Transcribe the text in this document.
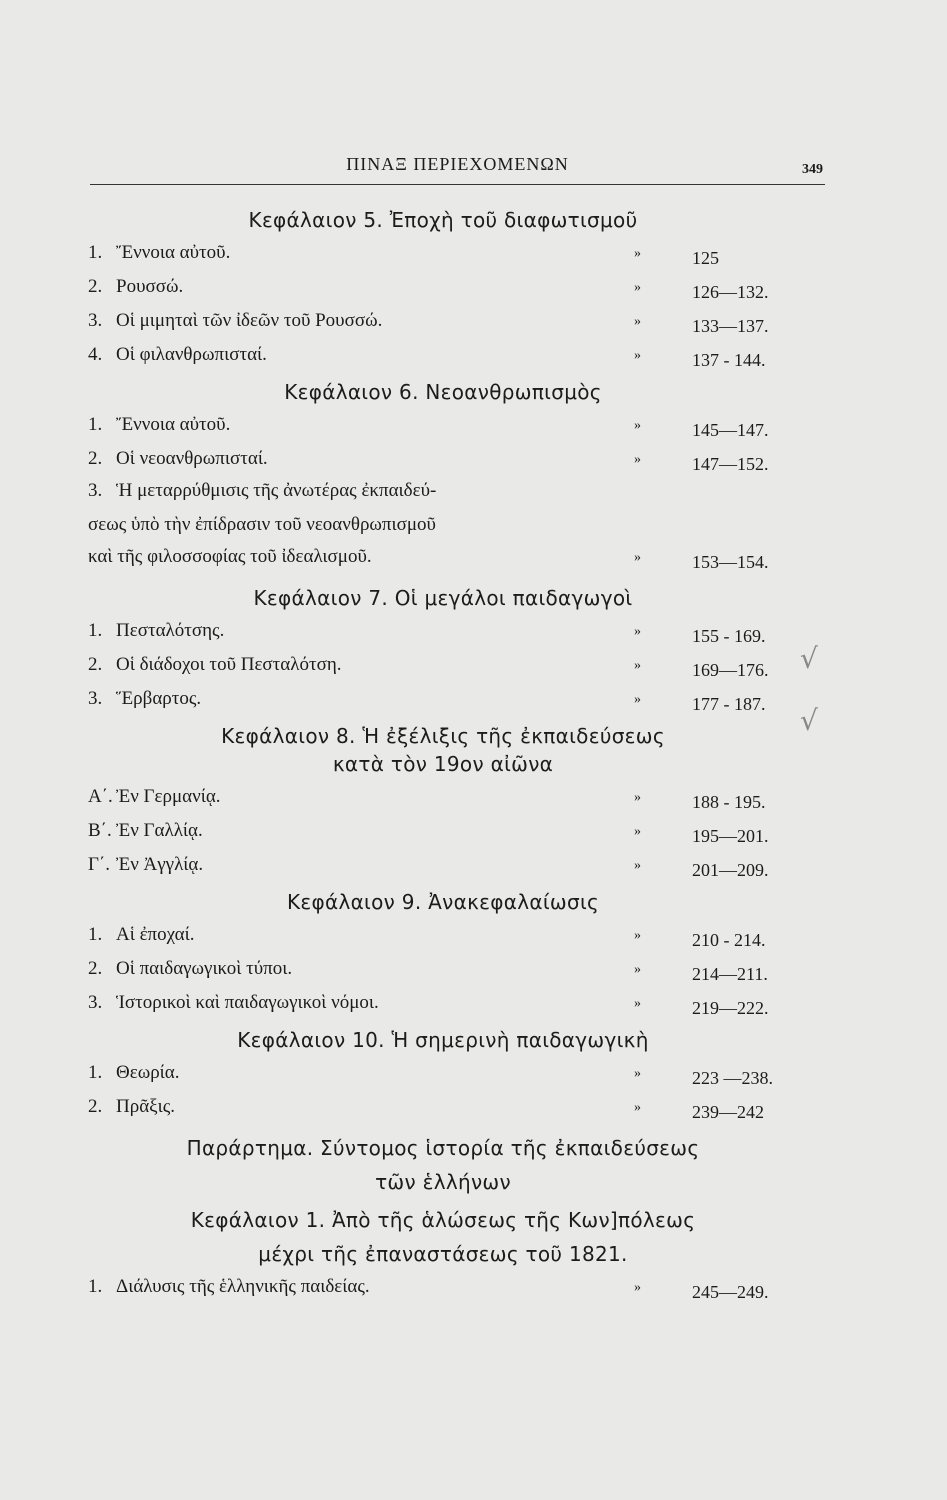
ΠΙΝΑΞ ΠΕΡΙΕΧΟΜΕΝΩΝ	349
Κεφάλαιον 5. Ἐποχὴ τοῦ διαφωτισμοῦ
1. Ἔννοια αὐτοῦ.	»	125
2. Ρουσσώ.	»	126—132.
3. Οἱ μιμηταὶ τῶν ἰδεῶν τοῦ Ρουσσώ.	»	133—137.
4. Οἱ φιλανθρωπισταί.	»	137 - 144.
Κεφάλαιον 6. Νεοανθρωπισμὸς
1. Ἔννοια αὐτοῦ.	»	145—147.
2. Οἱ νεοανθρωπισταί.	»	147—152.
3. Ἡ μεταρρύθμισις τῆς ἀνωτέρας ἐκπαιδεύ-
σεως ὑπὸ τὴν ἐπίδρασιν τοῦ νεοανθρωπισμοῦ
καὶ τῆς φιλοσσοφίας τοῦ ἰδεαλισμοῦ.	»	153—154.
Κεφάλαιον 7. Οἱ μεγάλοι παιδαγωγοὶ
1. Πεσταλότσης.	»	155 - 169.
2. Οἱ διάδοχοι τοῦ Πεσταλότση.	»	169—176.
3. Ἕρβαρτος.	»	177 - 187.
Κεφάλαιον 8. Ἡ ἐξέλιξις τῆς ἐκπαιδεύσεως
κατὰ τὸν 19ον αἰῶνα
Α΄. Ἐν Γερμανίᾳ.	»	188 - 195.
Β΄. Ἐν Γαλλίᾳ.	»	195—201.
Γ΄. Ἐν Ἀγγλίᾳ.	»	201—209.
Κεφάλαιον 9. Ἀνακεφαλαίωσις
1. Αἱ ἐποχαί.	»	210 - 214.
2. Οἱ παιδαγωγικοὶ τύποι.	»	214—211.
3. Ἱστορικοὶ καὶ παιδαγωγικοὶ νόμοι.	»	219—222.
Κεφάλαιον 10. Ἡ σημερινὴ παιδαγωγικὴ
1. Θεωρία.	»	223 —238.
2. Πρᾶξις.	»	239—242
Παράρτημα. Σύντομος ἱστορία τῆς ἐκπαιδεύσεως
τῶν ἑλλήνων
Κεφάλαιον 1. Ἀπὸ τῆς ἁλώσεως τῆς Κων]πόλεως
μέχρι τῆς ἐπαναστάσεως τοῦ 1821.
1. Διάλυσις τῆς ἑλληνικῆς παιδείας.	»	245—249.
√
√
